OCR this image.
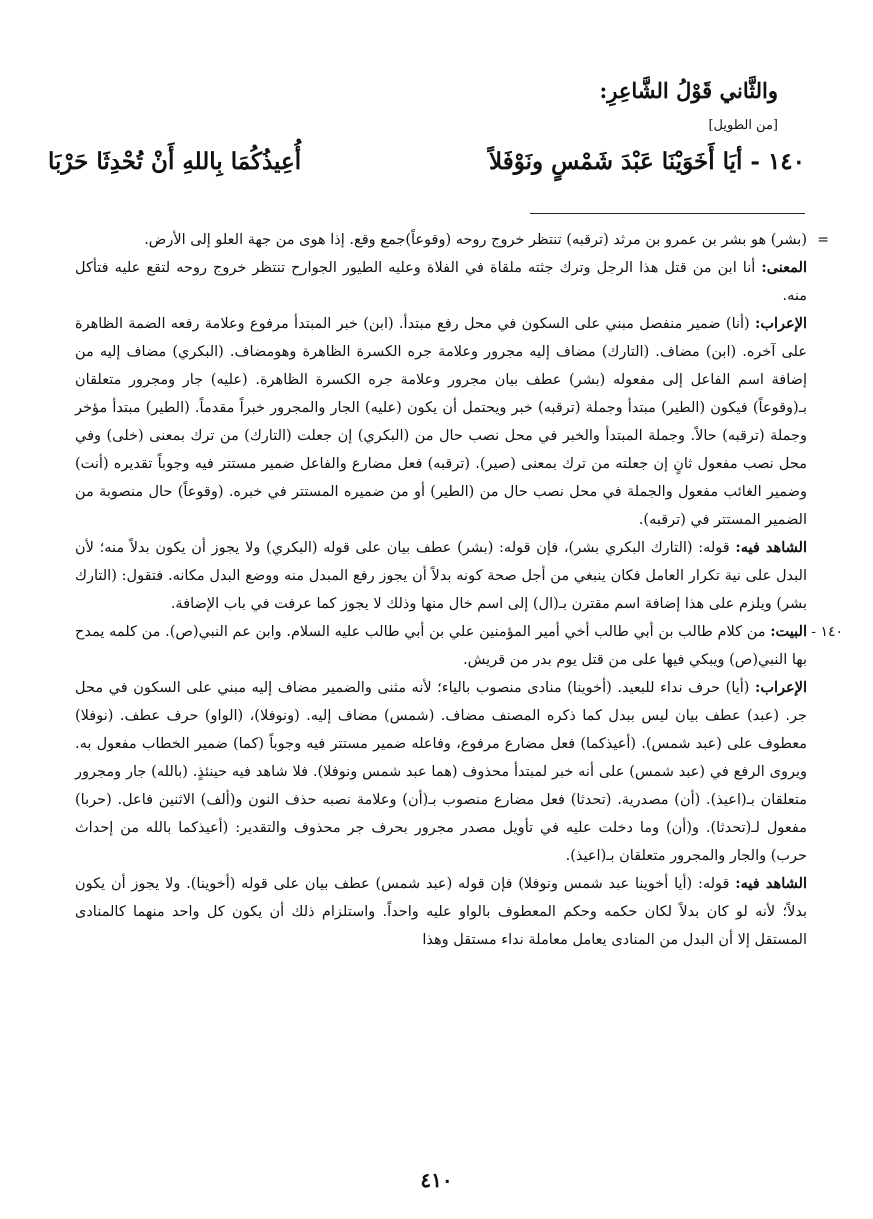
والثَّاني قَوْلُ الشَّاعِرِ:
[من الطويل]
١٤٠
-
أيَا أَخَوَيْنَا عَبْدَ شَمْسٍ ونَوْفَلاً
أُعِيذُكُمَا بِاللهِ أَنْ تُحْدِثَا حَرْبَا

=
(بشر) هو بشر بن عمرو بن مرثد (ترقبه) تنتظر خروج روحه (وقوعاً)جمع وقع. إذا هوى من جهة العلو إلى الأرض.

المعنى: أنا ابن من قتل هذا الرجل وترك جثته ملقاة في الفلاة وعليه الطيور الجوارح تنتظر خروج روحه لتقع عليه فتأكل منه.

الإعراب: (أنا) ضمير منفصل مبني على السكون في محل رفع مبتدأ. (ابن) خبر المبتدأ مرفوع وعلامة رفعه الضمة الظاهرة على آخره. (ابن) مضاف. (التارك) مضاف إليه مجرور وعلامة جره الكسرة الظاهرة وهومضاف. (البكري) مضاف إليه من إضافة اسم الفاعل إلى مفعوله (بشر) عطف بيان مجرور وعلامة جره الكسرة الظاهرة. (عليه) جار ومجرور متعلقان بـ(وقوعاً) فيكون (الطير) مبتدأ وجملة (ترقبه) خبر ويحتمل أن يكون (عليه) الجار والمجرور خبراً مقدماً. (الطير) مبتدأ مؤخر وجملة (ترقبه) حالاً. وجملة المبتدأ والخبر في محل نصب حال من (البكري) إن جعلت (التارك) من ترك بمعنى (خلى) وفي محل نصب مفعول ثانٍ إن جعلته من ترك بمعنى (صير). (ترقبه) فعل مضارع والفاعل ضمير مستتر فيه وجوباً تقديره (أنت) وضمير الغائب مفعول والجملة في محل نصب حال من (الطير) أو من ضميره المستتر في خبره. (وقوعاً) حال منصوبة من الضمير المستتر في (ترقبه).

الشاهد فيه: قوله: (التارك البكري بشر)، فإن قوله: (بشر) عطف بيان على قوله (البكري) ولا يجوز أن يكون بدلاً منه؛ لأن البدل على نية تكرار العامل فكان ينبغي من أجل صحة كونه بدلاً أن يجوز رفع المبدل منه ووضع البدل مكانه. فتقول: (التارك بشر) ويلزم على هذا إضافة اسم مقترن بـ(ال) إلى اسم خال منها وذلك لا يجوز كما عرفت في باب الإضافة.

١٤٠ -
البيت: من كلام طالب بن أبي طالب أخي أمير المؤمنين علي بن أبي طالب عليه السلام. وابن عم النبي(ص). من كلمه يمدح بها النبي(ص) ويبكي فيها على من قتل يوم بدر من قريش.

الإعراب: (أيا) حرف نداء للبعيد. (أخوينا) منادى منصوب بالياء؛ لأنه مثنى والضمير مضاف إليه مبني على السكون في محل جر. (عبد) عطف بيان ليس ببدل كما ذكره المصنف مضاف. (شمس) مضاف إليه. (ونوفلا)، (الواو) حرف عطف. (نوفلا) معطوف على (عبد شمس). (أعيذكما) فعل مضارع مرفوع، وفاعله ضمير مستتر فيه وجوباً (كما) ضمير الخطاب مفعول به. ويروى الرفع في (عبد شمس) على أنه خبر لمبتدأ محذوف (هما عبد شمس ونوفلا). فلا شاهد فيه حينئذٍ. (بالله) جار ومجرور متعلقان بـ(اعيذ). (أن) مصدرية. (تحدثا) فعل مضارع منصوب بـ(أن) وعلامة نصبه حذف النون و(ألف) الاثنين فاعل. (حربا) مفعول لـ(تحدثا). و(أن) وما دخلت عليه في تأويل مصدر مجرور بحرف جر محذوف والتقدير: (أعيذكما بالله من إحداث حرب) والجار والمجرور متعلقان بـ(اعيذ).

الشاهد فيه: قوله: (أيا أخوينا عبد شمس ونوفلا) فإن قوله (عبد شمس) عطف بيان على قوله (أخوينا). ولا يجوز أن يكون بدلاً؛ لأنه لو كان بدلاً لكان حكمه وحكم المعطوف بالواو عليه واحداً. واستلزام ذلك أن يكون كل واحد منهما كالمنادى المستقل إلا أن البدل من المنادى يعامل معاملة نداء مستقل وهذا

٤١٠
